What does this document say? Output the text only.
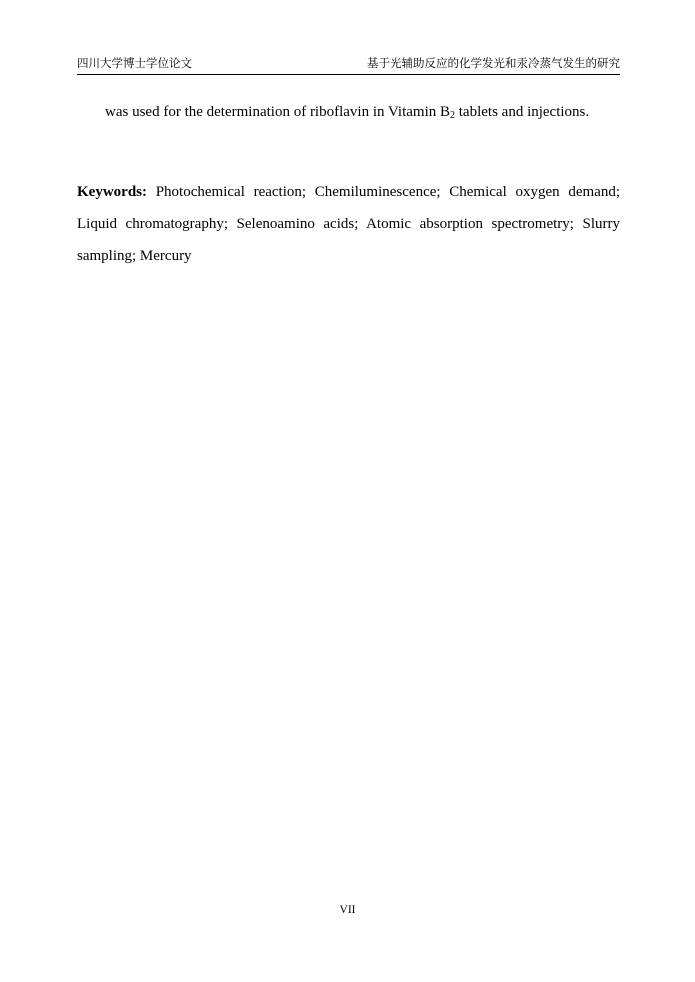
四川大学博士学位论文	基于光辅助反应的化学发光和汞冷蒸气发生的研究
was used for the determination of riboflavin in Vitamin $B_2$ tablets and injections.
Keywords: Photochemical reaction; Chemiluminescence; Chemical oxygen demand;
Liquid chromatography; Selenoamino acids; Atomic absorption spectrometry; Slurry
sampling; Mercury
VII
